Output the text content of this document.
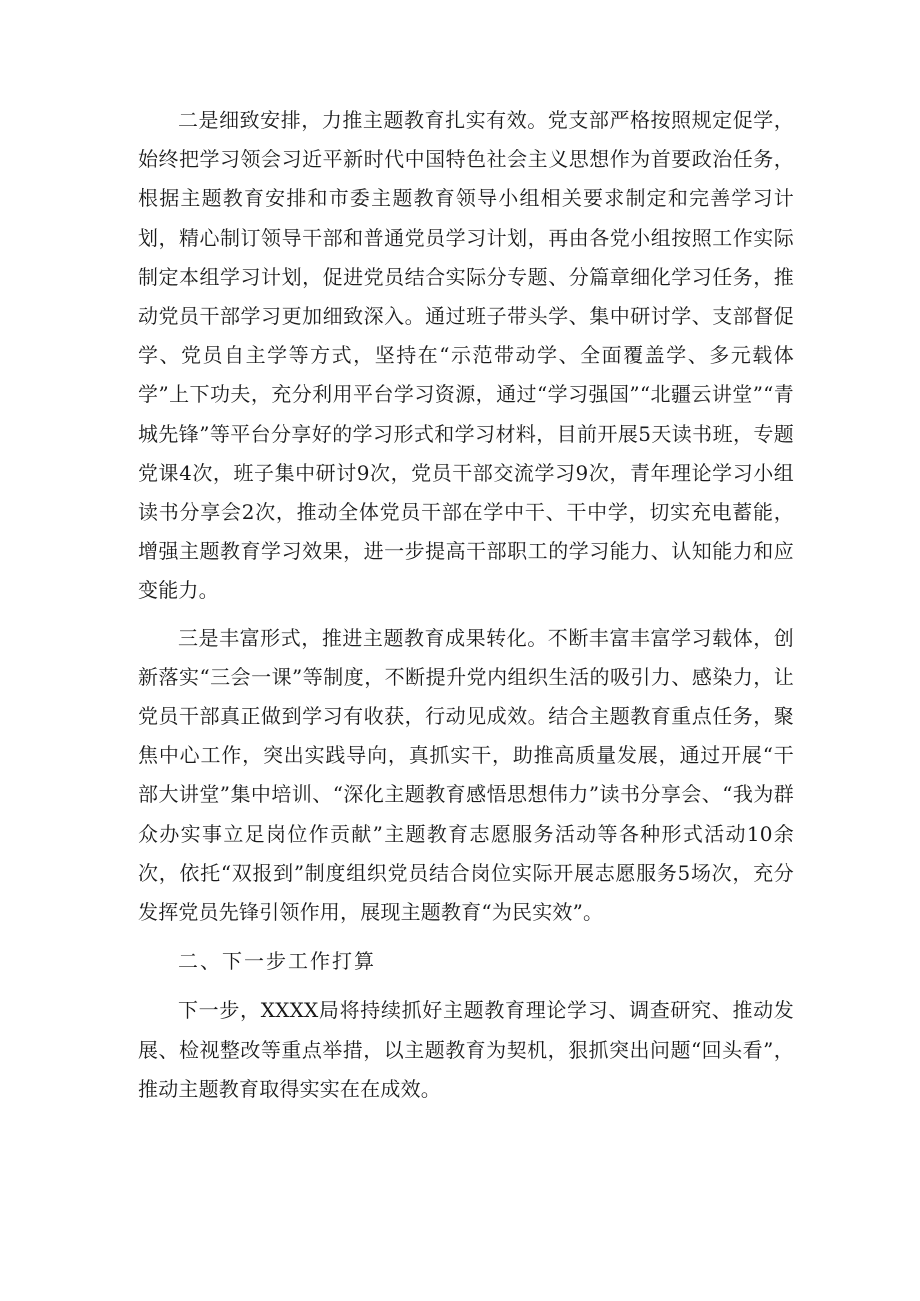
二是细致安排，力推主题教育扎实有效。党支部严格按照规定促学，始终把学习领会习近平新时代中国特色社会主义思想作为首要政治任务，根据主题教育安排和市委主题教育领导小组相关要求制定和完善学习计划，精心制订领导干部和普通党员学习计划，再由各党小组按照工作实际制定本组学习计划，促进党员结合实际分专题、分篇章细化学习任务，推动党员干部学习更加细致深入。通过班子带头学、集中研讨学、支部督促学、党员自主学等方式，坚持在“示范带动学、全面覆盖学、多元载体学”上下功夫，充分利用平台学习资源，通过“学习强国”“北疆云讲堂”“青城先锋”等平台分享好的学习形式和学习材料，目前开展5天读书班，专题党课4次，班子集中研讨9次，党员干部交流学习9次，青年理论学习小组读书分享会2次，推动全体党员干部在学中干、干中学，切实充电蓄能，增强主题教育学习效果，进一步提高干部职工的学习能力、认知能力和应变能力。

三是丰富形式，推进主题教育成果转化。不断丰富丰富学习载体，创新落实“三会一课”等制度，不断提升党内组织生活的吸引力、感染力，让党员干部真正做到学习有收获，行动见成效。结合主题教育重点任务，聚焦中心工作，突出实践导向，真抓实干，助推高质量发展，通过开展“干部大讲堂”集中培训、“深化主题教育感悟思想伟力”读书分享会、“我为群众办实事立足岗位作贡献”主题教育志愿服务活动等各种形式活动10余次，依托“双报到”制度组织党员结合岗位实际开展志愿服务5场次，充分发挥党员先锋引领作用，展现主题教育“为民实效”。

二、下一步工作打算

下一步，XXXX局将持续抓好主题教育理论学习、调查研究、推动发展、检视整改等重点举措，以主题教育为契机，狠抓突出问题“回头看”，推动主题教育取得实实在在成效。
